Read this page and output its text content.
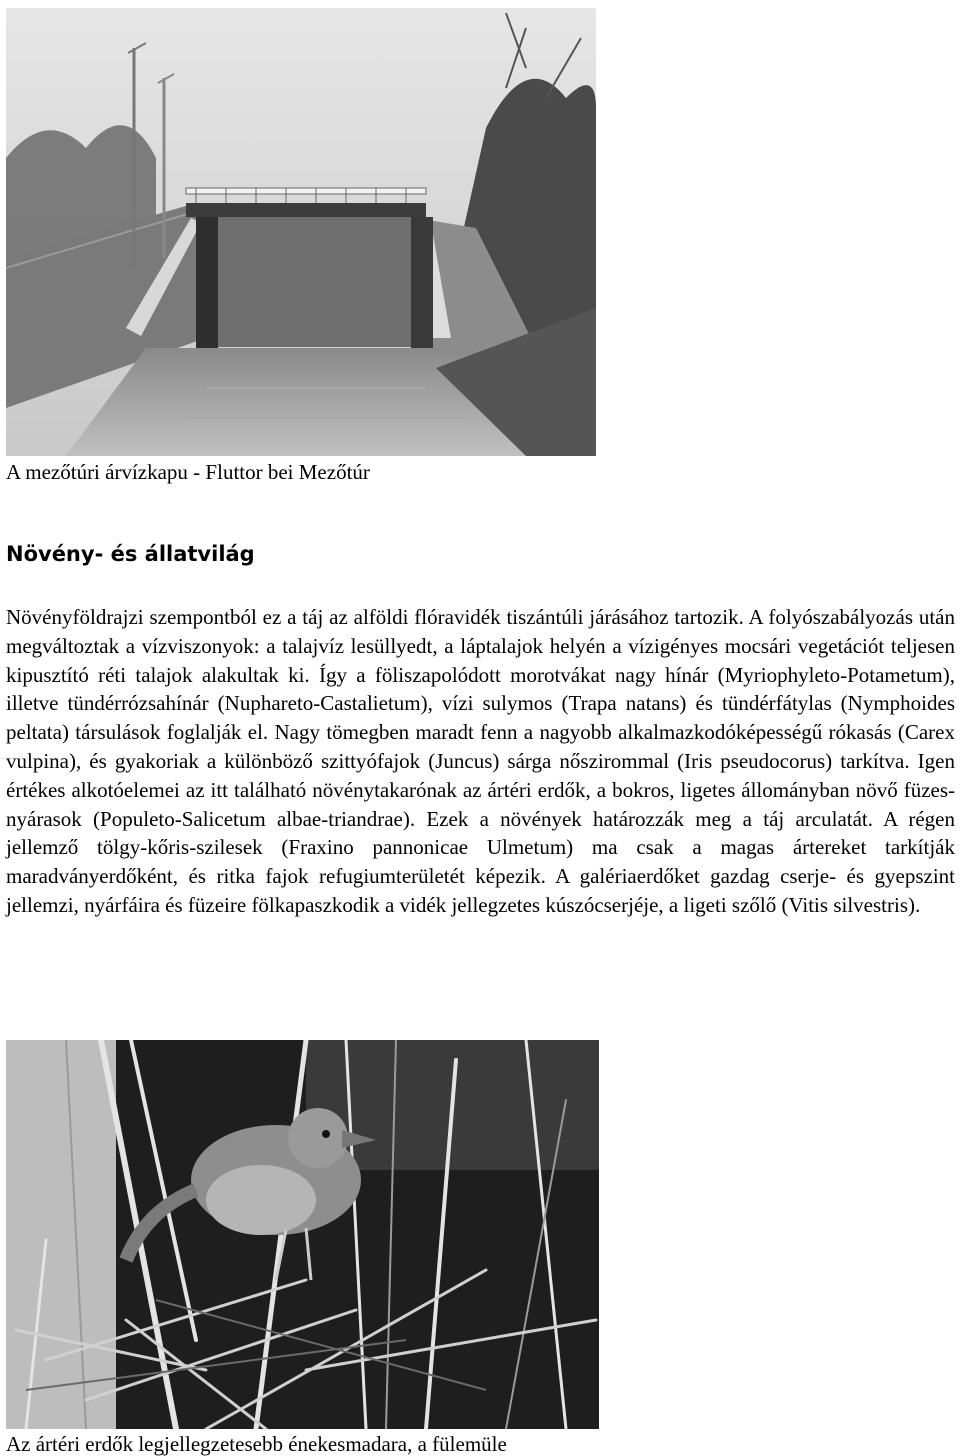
A mezőtúri árvízkapu - Fluttor bei Mezőtúr
Növény- és állatvilág

Növényföldrajzi szempontból ez a táj az alföldi flóravidék tiszántúli járásához tartozik. A folyószabályozás után megváltoztak a vízviszonyok: a talajvíz lesüllyedt, a láptalajok helyén a vízigényes mocsári vegetációt teljesen kipusztító réti talajok alakultak ki. Így a föliszapolódott morotvákat nagy hínár (Myriophyleto-Potametum), illetve tündérrózsahínár (Nuphareto-Castalietum), vízi sulymos (Trapa natans) és tündérfátylas (Nymphoides peltata) társulások foglalják el. Nagy tömegben maradt fenn a nagyobb alkalmazkodóképességű rókasás (Carex vulpina), és gyakoriak a különböző szittyófajok (Juncus) sárga nőszirommal (Iris pseudocorus) tarkítva. Igen értékes alkotóelemei az itt található növénytakarónak az ártéri erdők, a bokros, ligetes állományban növő füzes-nyárasok (Populeto-Salicetum albae-triandrae). Ezek a növények határozzák meg a táj arculatát. A régen jellemző tölgy-kőris-szilesek (Fraxino pannonicae Ulmetum) ma csak a magas ártereket tarkítják maradványerdőként, és ritka fajok refugiumterületét képezik. A galériaerdőket gazdag cserje- és gyepszint jellemzi, nyárfáira és füzeire fölkapaszkodik a vidék jellegzetes kúszócserjéje, a ligeti szőlő (Vitis silvestris).

Az ártéri erdők legjellegzetesebb énekesmadara, a fülemüle
